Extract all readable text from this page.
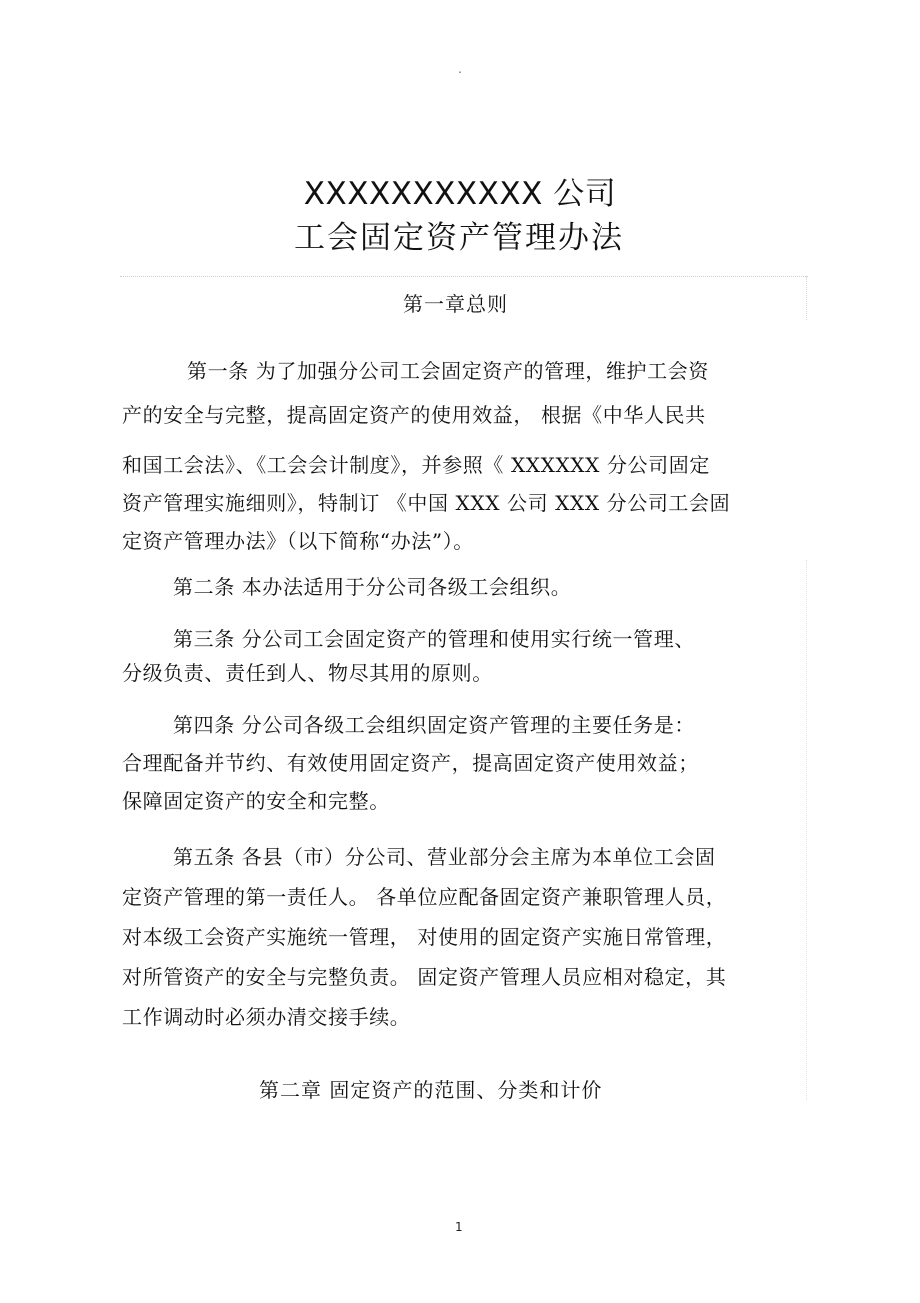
.
XXXXXXXXXXX 公司
工会固定资产管理办法
第一章总则
第一条 为了加强分公司工会固定资产的管理，维护工会资
产的安全与完整，提高固定资产的使用效益， 根据《中华人民共
和国工会法》、《工会会计制度》，并参照《 XXXXXX 分公司固定
资产管理实施细则》，特制订 《中国 XXX 公司 XXX 分公司工会固
定资产管理办法》（以下简称“办法”）。
第二条 本办法适用于分公司各级工会组织。
第三条 分公司工会固定资产的管理和使用实行统一管理、
分级负责、责任到人、物尽其用的原则。
第四条 分公司各级工会组织固定资产管理的主要任务是：
合理配备并节约、有效使用固定资产，提高固定资产使用效益；
保障固定资产的安全和完整。
第五条 各县（市）分公司、营业部分会主席为本单位工会固
定资产管理的第一责任人。 各单位应配备固定资产兼职管理人员，
对本级工会资产实施统一管理， 对使用的固定资产实施日常管理，
对所管资产的安全与完整负责。 固定资产管理人员应相对稳定，其
工作调动时必须办清交接手续。
第二章 固定资产的范围、分类和计价
1
